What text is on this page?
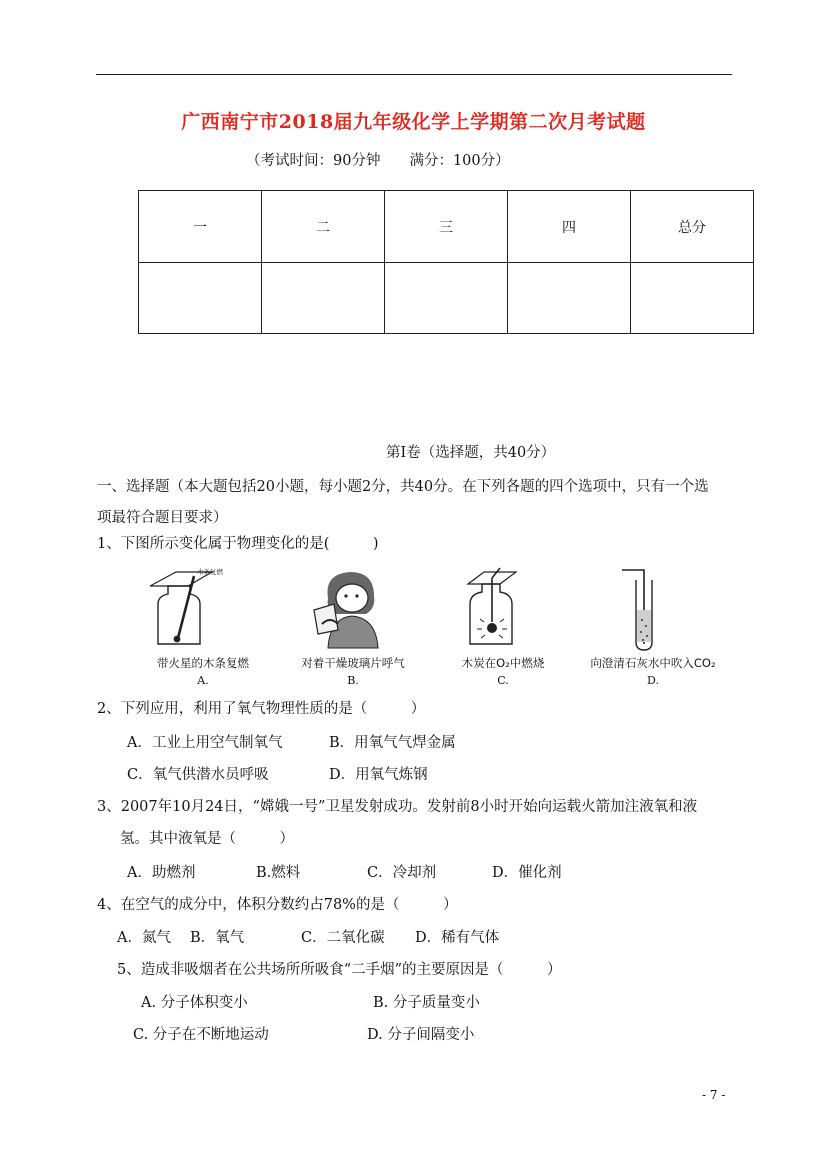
广西南宁市2018届九年级化学上学期第二次月考试题
（考试时间：90分钟　　满分：100分）
一	二	三	四	总分

第Ⅰ卷（选择题，共40分）
一、选择题（本大题包括20小题，每小题2分，共40分。在下列各题的四个选项中，只有一个选
项最符合题目要求）
1、下图所示变化属于物理变化的是(　　　)
木条复燃
带火星的木条复燃
A.
对着干燥玻璃片呼气
B.
木炭在O₂中燃烧
C.
向澄清石灰水中吹入CO₂
D.
2、下列应用，利用了氧气物理性质的是（　　　）
A．工业上用空气制氧气	B．用氧气气焊金属
C．氧气供潜水员呼吸	D．用氧气炼钢
3、2007年10月24日，“嫦娥一号”卫星发射成功。发射前8小时开始向运载火箭加注液氧和液
氢。其中液氧是（　　　）
A．助燃剂	B.燃料	C．冷却剂	D．催化剂
4、在空气的成分中，体积分数约占78%的是（　　　）
A．氮气 B．氧气	C．二氧化碳 D．稀有气体
5、造成非吸烟者在公共场所所吸食“二手烟”的主要原因是（　　　）
A. 分子体积变小	B. 分子质量变小
C. 分子在不断地运动	D. 分子间隔变小
- 7 -
